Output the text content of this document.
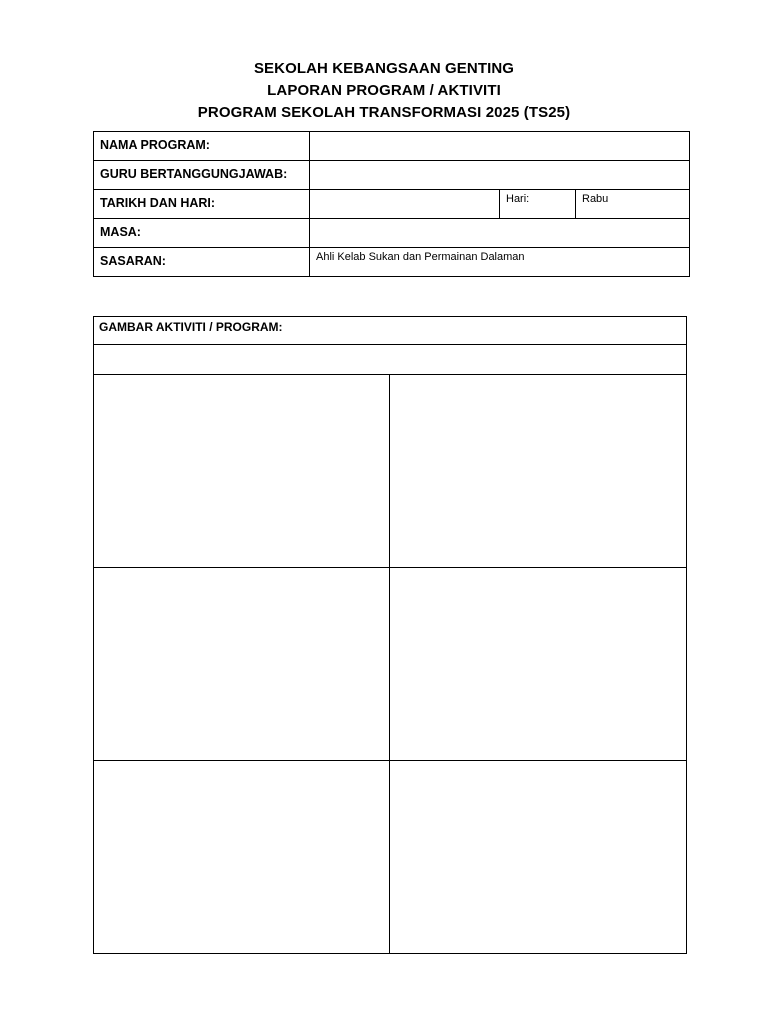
SEKOLAH KEBANGSAAN GENTING
LAPORAN PROGRAM / AKTIVITI
PROGRAM SEKOLAH TRANSFORMASI 2025 (TS25)
NAMA PROGRAM:			
GURU BERTANGGUNGJAWAB:			
TARIKH DAN HARI:		Hari:	Rabu
MASA:			
SASARAN:	Ahli Kelab Sukan dan Permainan Dalaman		
GAMBAR AKTIVITI / PROGRAM:	
